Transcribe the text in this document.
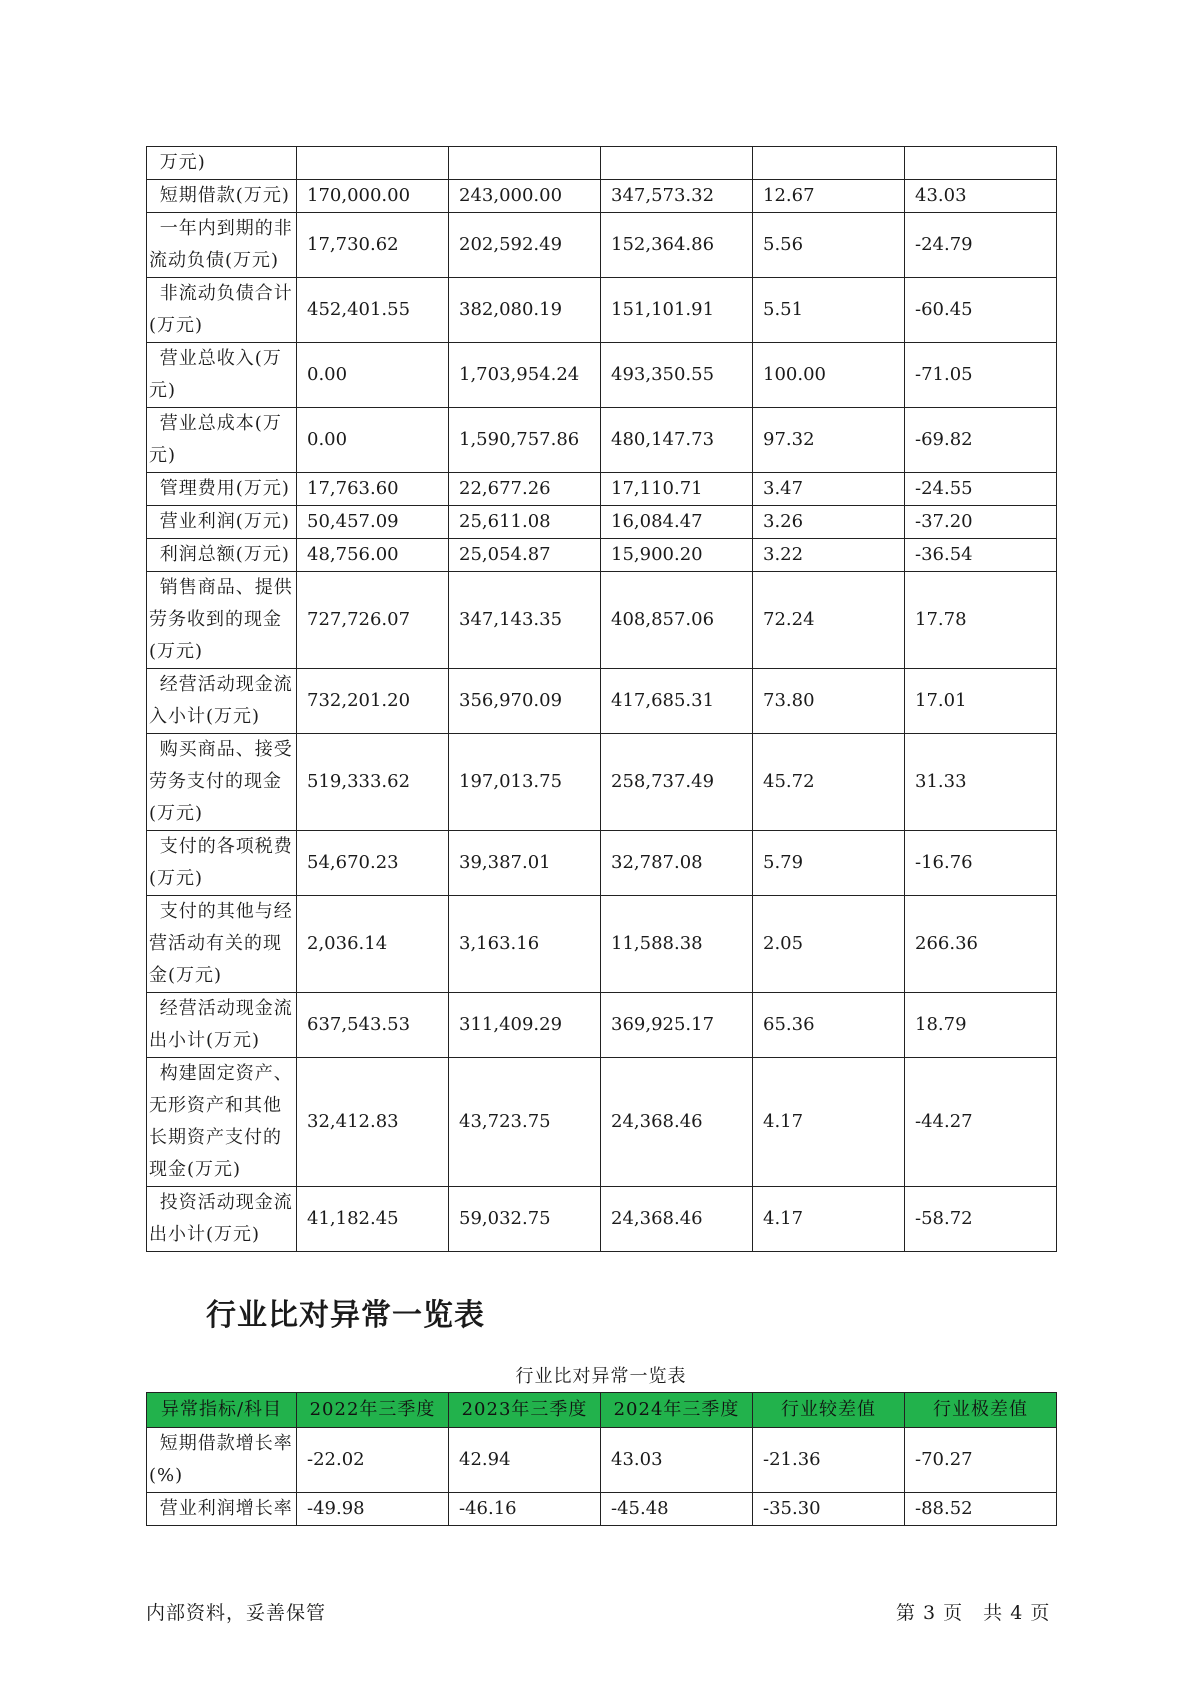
万元)					

短期借款(万元)	170,000.00	243,000.00	347,573.32	12.67	43.03

一年内到期的非
流动负债(万元)	17,730.62	202,592.49	152,364.86	5.56	-24.79

非流动负债合计
(万元)	452,401.55	382,080.19	151,101.91	5.51	-60.45

营业总收入(万
元)	0.00	1,703,954.24	493,350.55	100.00	-71.05

营业总成本(万
元)	0.00	1,590,757.86	480,147.73	97.32	-69.82

管理费用(万元)	17,763.60	22,677.26	17,110.71	3.47	-24.55

营业利润(万元)	50,457.09	25,611.08	16,084.47	3.26	-37.20

利润总额(万元)	48,756.00	25,054.87	15,900.20	3.22	-36.54

销售商品、提供
劳务收到的现金
(万元)	727,726.07	347,143.35	408,857.06	72.24	17.78

经营活动现金流
入小计(万元)	732,201.20	356,970.09	417,685.31	73.80	17.01

购买商品、接受
劳务支付的现金
(万元)	519,333.62	197,013.75	258,737.49	45.72	31.33

支付的各项税费
(万元)	54,670.23	39,387.01	32,787.08	5.79	-16.76

支付的其他与经
营活动有关的现
金(万元)	2,036.14	3,163.16	11,588.38	2.05	266.36

经营活动现金流
出小计(万元)	637,543.53	311,409.29	369,925.17	65.36	18.79

构建固定资产、
无形资产和其他
长期资产支付的
现金(万元)	32,412.83	43,723.75	24,368.46	4.17	-44.27

投资活动现金流
出小计(万元)	41,182.45	59,032.75	24,368.46	4.17	-58.72
行业比对异常一览表
行业比对异常一览表
异常指标/科目	2022年三季度	2023年三季度	2024年三季度	行业较差值	行业极差值

短期借款增长率
(%)	-22.02	42.94	43.03	-21.36	-70.27

营业利润增长率	-49.98	-46.16	-45.48	-35.30	-88.52
内部资料，妥善保管	第 3 页　共 4 页
